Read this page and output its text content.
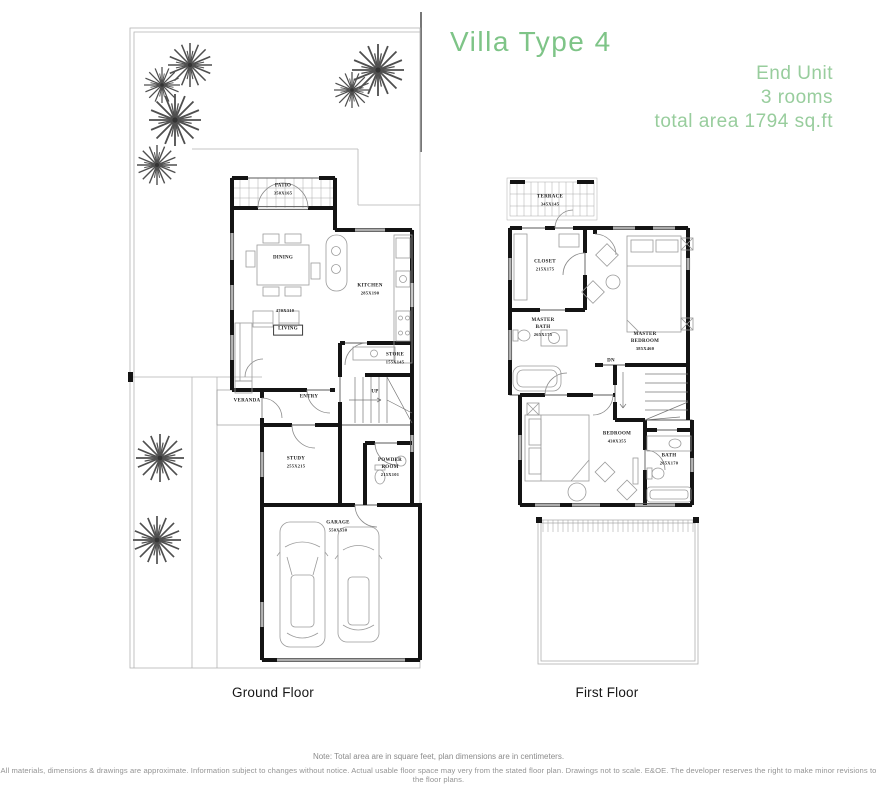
Villa Type 4
End Unit
3 rooms
total area 1794 sq.ft
PATIO
350X165
DINING
470X310
LIVING
KITCHEN
285X190
STORE
155X145
VERANDA
ENTRY
UP
STUDY
255X215
POWDER ROOM
215X101
GARAGE
550X530
TERRACE
345X145
CLOSET
215X175
MASTER BATH
265X175	MASTER BEDROOM
385X460
DN
BEDROOM
430X355
BATH
265X170
Ground Floor	First Floor
Note: Total area are in square feet, plan dimensions are in centimeters.
All materials, dimensions & drawings are approximate. Information subject to changes without notice. Actual usable floor space may very from the stated floor plan. Drawings not to scale. E&OE. The developer reserves the right to make minor revisions to the floor plans.
